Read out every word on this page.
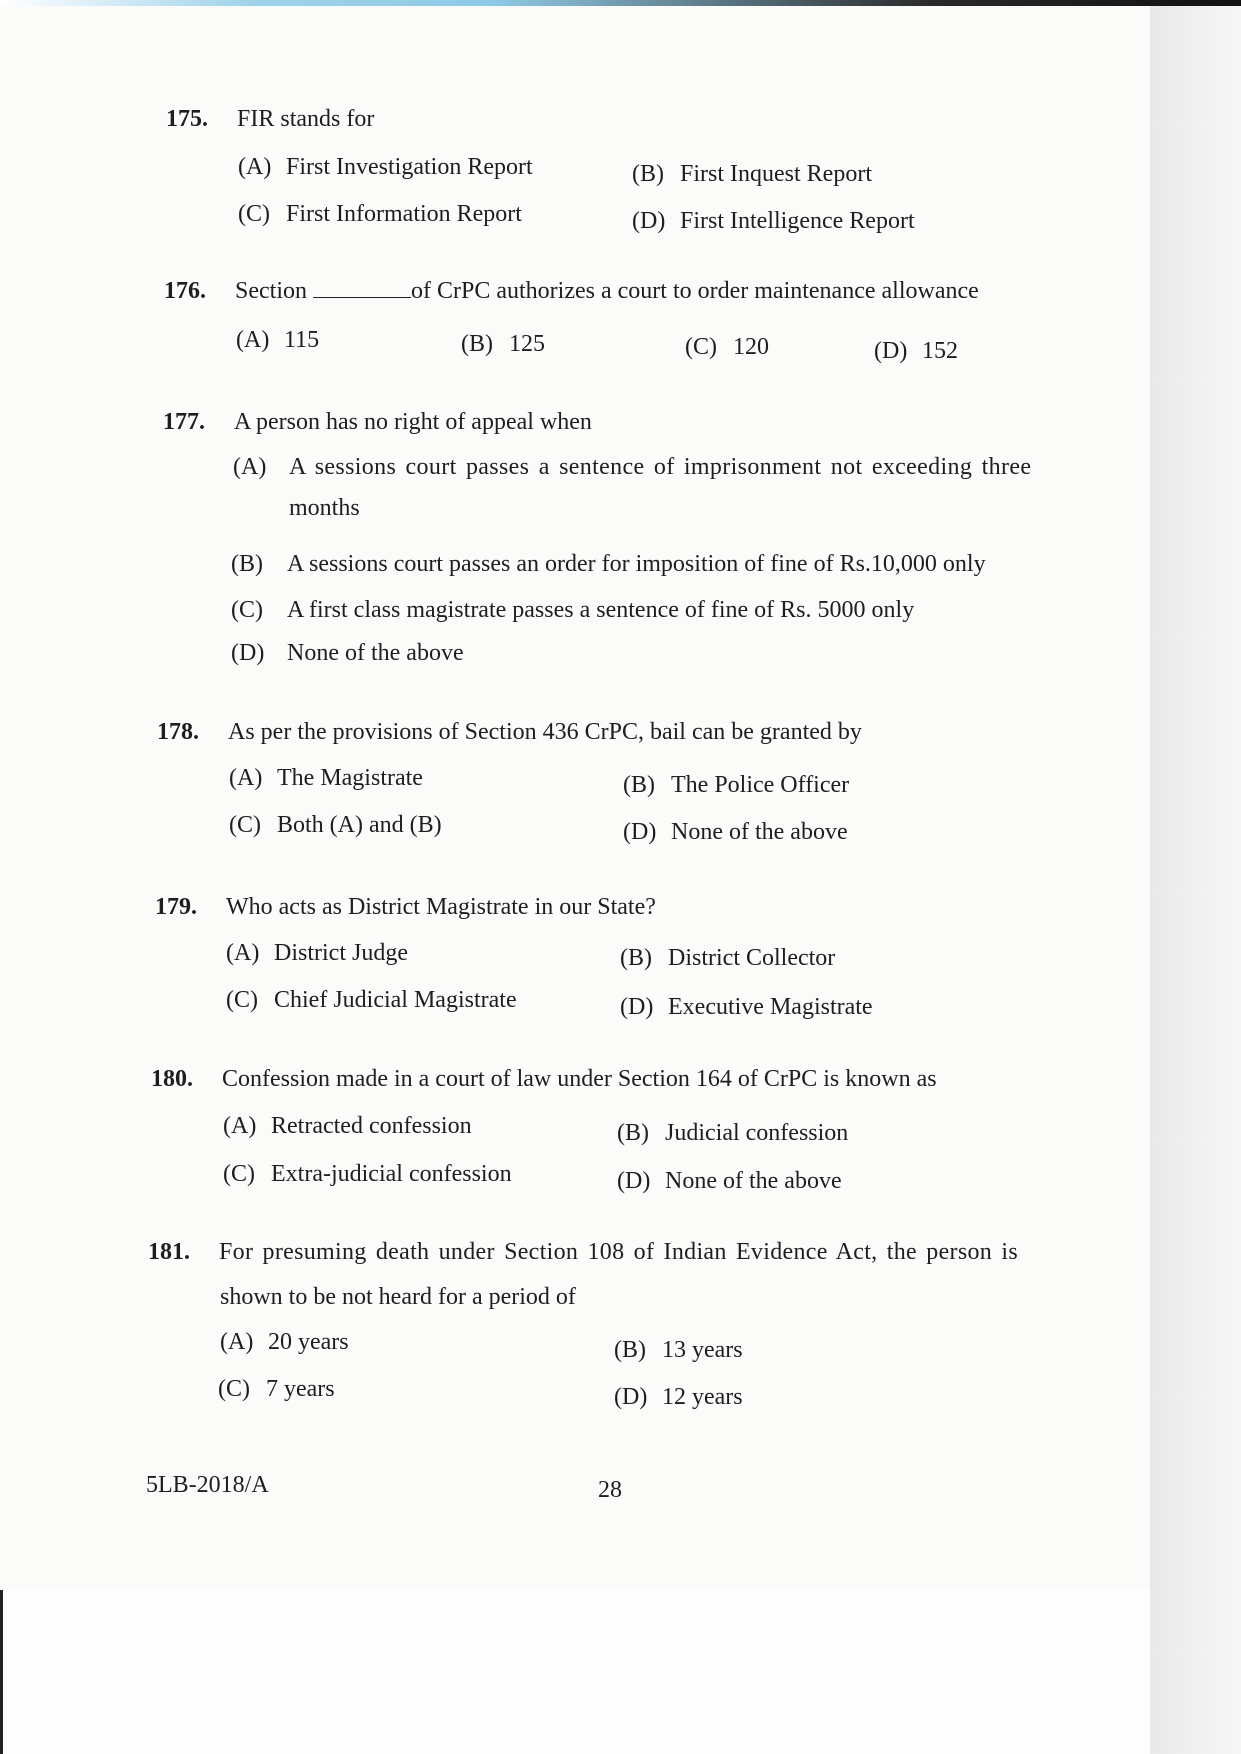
175. FIR stands for
(A) First Investigation Report	(B) First Inquest Report
(C) First Information Report	(D) First Intelligence Report
176. Section	of CrPC authorizes a court to order maintenance allowance
(A) 115	(B) 125	(C) 120	(D) 152
177. A person has no right of appeal when
(A) A sessions court passes a sentence of imprisonment not exceeding three
months
(B) A sessions court passes an order for imposition of fine of Rs.10,000 only
(C) A first class magistrate passes a sentence of fine of Rs. 5000 only
(D) None of the above
178. As per the provisions of Section 436 CrPC, bail can be granted by
(A) The Magistrate	(B) The Police Officer
(C) Both (A) and (B)	(D) None of the above
179. Who acts as District Magistrate in our State?
(A) District Judge	(B) District Collector
(C) Chief Judicial Magistrate	(D) Executive Magistrate
180. Confession made in a court of law under Section 164 of CrPC is known as
(A) Retracted confession	(B) Judicial confession
(C) Extra-judicial confession	(D) None of the above
181. For presuming death under Section 108 of Indian Evidence Act, the person is
shown to be not heard for a period of
(A) 20 years	(B) 13 years
(C) 7 years	(D) 12 years
5LB-2018/A	28
